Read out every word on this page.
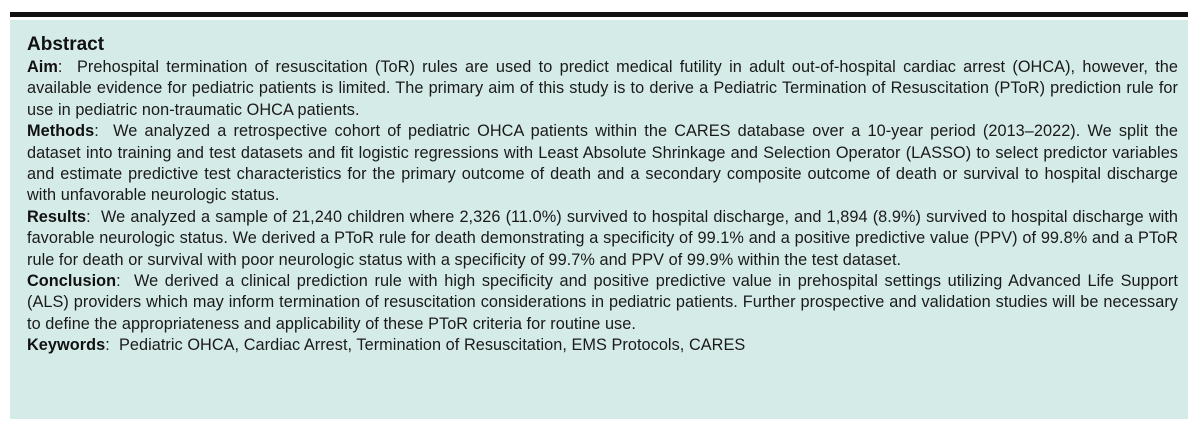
Abstract

Aim:  Prehospital termination of resuscitation (ToR) rules are used to predict medical futility in adult out-of-hospital cardiac arrest (OHCA), however, the available evidence for pediatric patients is limited. The primary aim of this study is to derive a Pediatric Termination of Resuscitation (PToR) prediction rule for use in pediatric non-traumatic OHCA patients.

Methods:  We analyzed a retrospective cohort of pediatric OHCA patients within the CARES database over a 10-year period (2013–2022). We split the dataset into training and test datasets and fit logistic regressions with Least Absolute Shrinkage and Selection Operator (LASSO) to select predictor variables and estimate predictive test characteristics for the primary outcome of death and a secondary composite outcome of death or survival to hospital discharge with unfavorable neurologic status.

Results:  We analyzed a sample of 21,240 children where 2,326 (11.0%) survived to hospital discharge, and 1,894 (8.9%) survived to hospital discharge with favorable neurologic status. We derived a PToR rule for death demonstrating a specificity of 99.1% and a positive predictive value (PPV) of 99.8% and a PToR rule for death or survival with poor neurologic status with a specificity of 99.7% and PPV of 99.9% within the test dataset.

Conclusion:  We derived a clinical prediction rule with high specificity and positive predictive value in prehospital settings utilizing Advanced Life Support (ALS) providers which may inform termination of resuscitation considerations in pediatric patients. Further prospective and validation studies will be necessary to define the appropriateness and applicability of these PToR criteria for routine use.

Keywords:  Pediatric OHCA, Cardiac Arrest, Termination of Resuscitation, EMS Protocols, CARES
